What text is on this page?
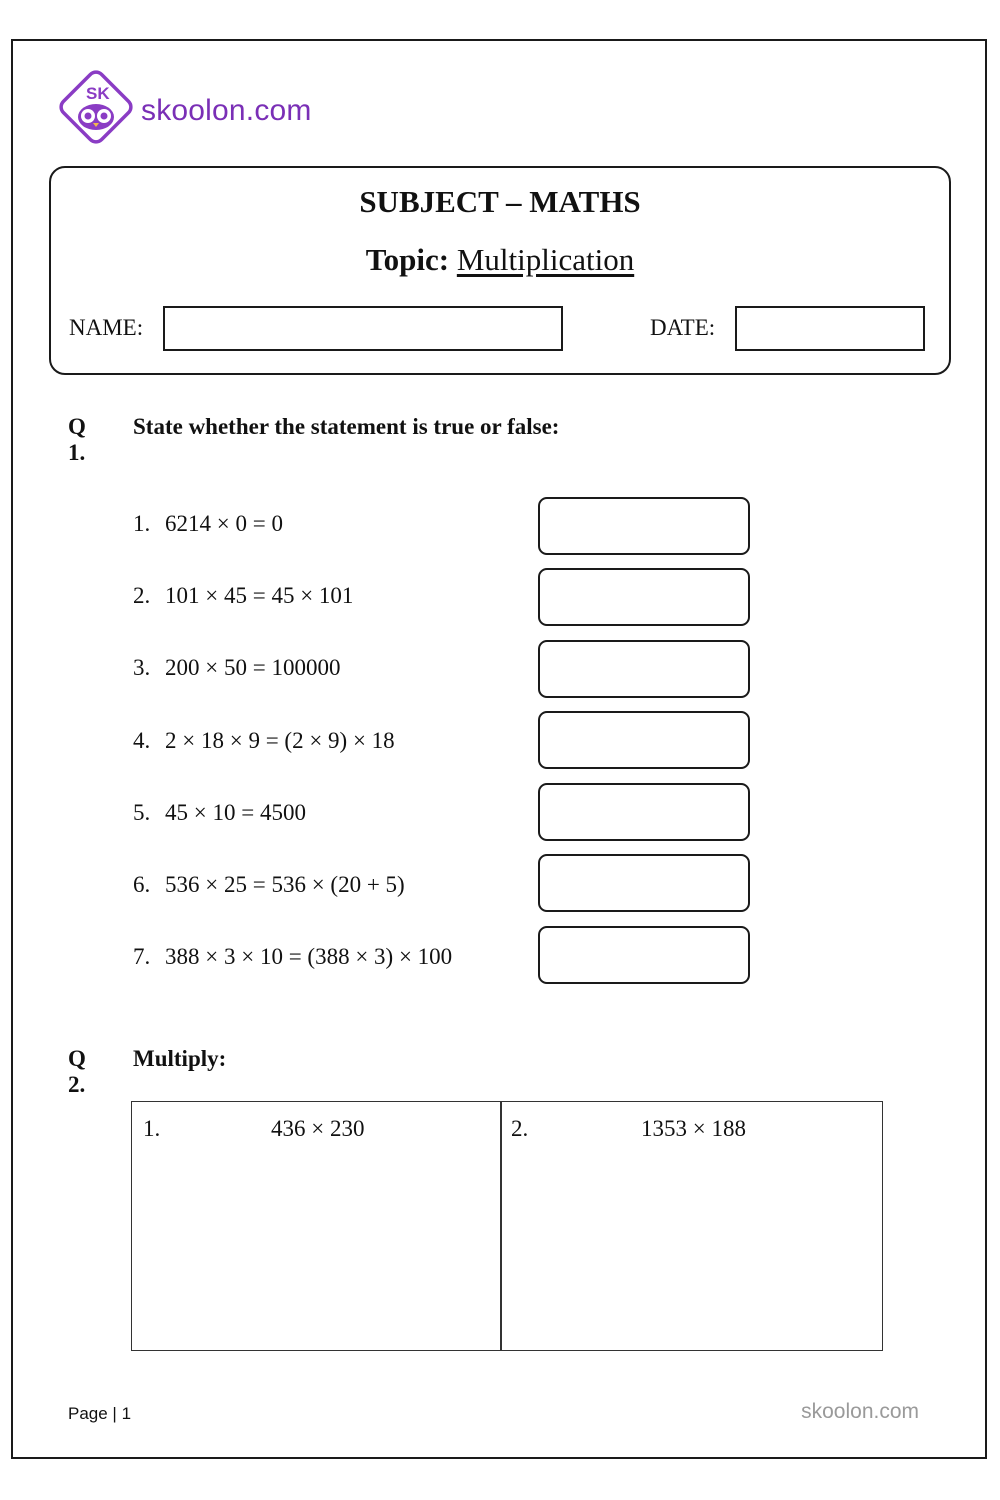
SK
skoolon.com
SUBJECT – MATHS
Topic: Multiplication
NAME:	DATE:
Q 1.
State whether the statement is true or false:
1. 6214 × 0 = 0
2. 101 × 45 = 45 × 101
3. 200 × 50 = 100000
4. 2 × 18 × 9 = (2 × 9) × 18
5. 45 × 10 = 4500
6. 536 × 25 = 536 × (20 + 5)
7. 388 × 3 × 10 = (388 × 3) × 100
Q 2.
Multiply:
1.	436 × 230	2.	1353 × 188
Page | 1	skoolon.com
